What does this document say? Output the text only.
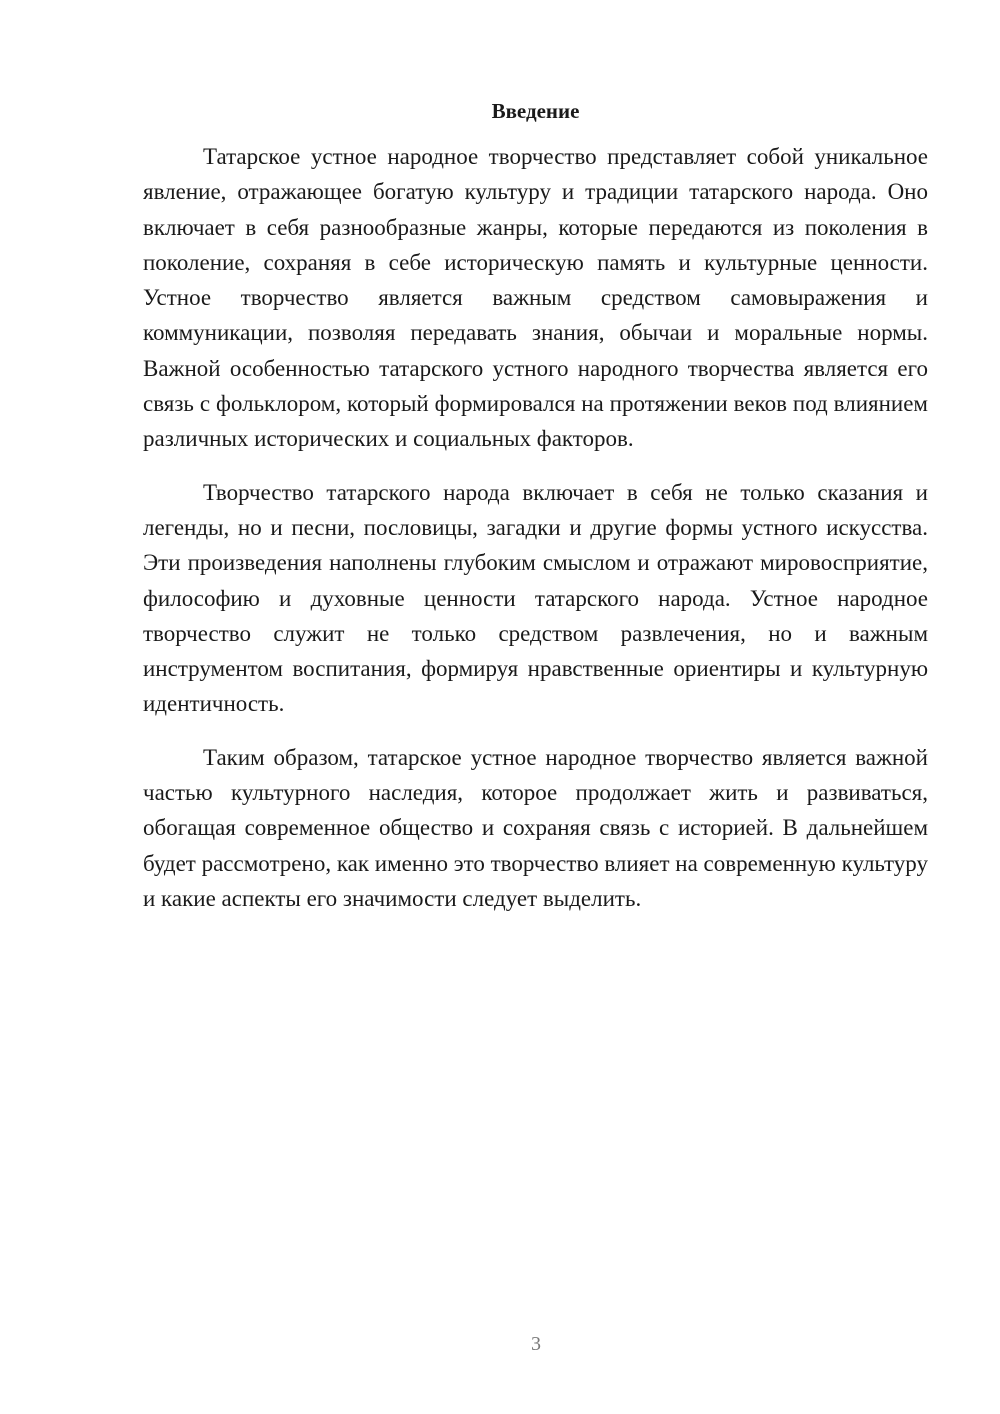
Введение

Татарское устное народное творчество представляет собой уникальное явление, отражающее богатую культуру и традиции татарского народа. Оно включает в себя разнообразные жанры, которые передаются из поколения в поколение, сохраняя в себе историческую память и культурные ценности. Устное творчество является важным средством самовыражения и коммуникации, позволяя передавать знания, обычаи и моральные нормы. Важной особенностью татарского устного народного творчества является его связь с фольклором, который формировался на протяжении веков под влиянием различных исторических и социальных факторов.

Творчество татарского народа включает в себя не только сказания и легенды, но и песни, пословицы, загадки и другие формы устного искусства. Эти произведения наполнены глубоким смыслом и отражают мировосприятие, философию и духовные ценности татарского народа. Устное народное творчество служит не только средством развлечения, но и важным инструментом воспитания, формируя нравственные ориентиры и культурную идентичность.

Таким образом, татарское устное народное творчество является важной частью культурного наследия, которое продолжает жить и развиваться, обогащая современное общество и сохраняя связь с историей. В дальнейшем будет рассмотрено, как именно это творчество влияет на современную культуру и какие аспекты его значимости следует выделить.

3
